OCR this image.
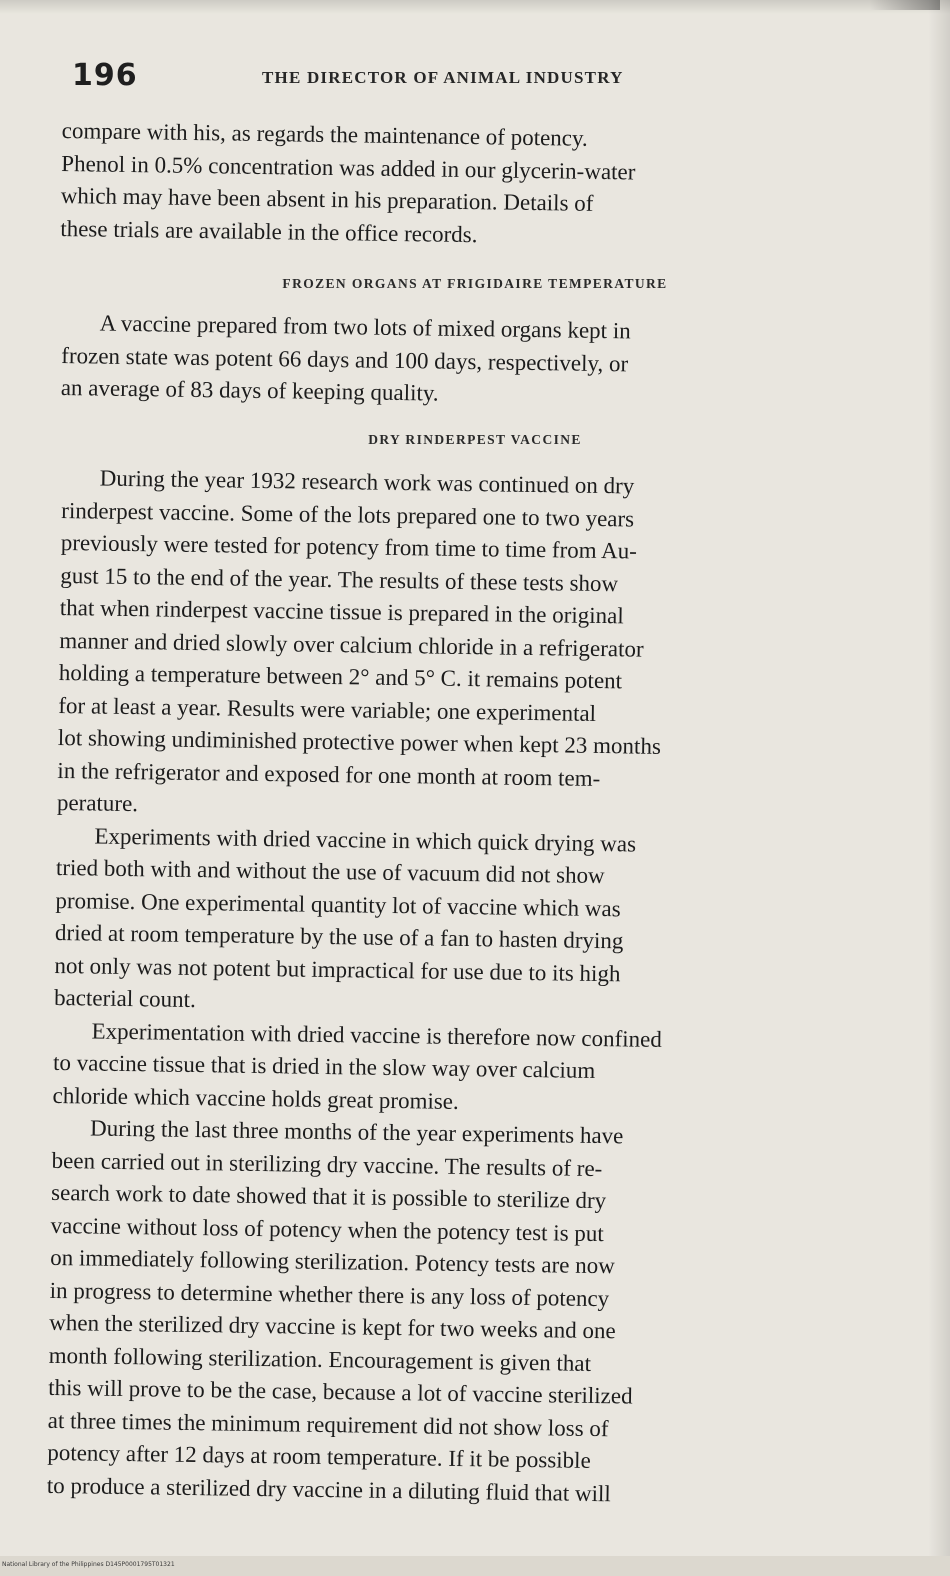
196	THE DIRECTOR OF ANIMAL INDUSTRY
compare with his, as regards the maintenance of potency.
Phenol in 0.5% concentration was added in our glycerin-water
which may have been absent in his preparation. Details of
these trials are available in the office records.
FROZEN ORGANS AT FRIGIDAIRE TEMPERATURE
A vaccine prepared from two lots of mixed organs kept in
frozen state was potent 66 days and 100 days, respectively, or
an average of 83 days of keeping quality.
DRY RINDERPEST VACCINE
During the year 1932 research work was continued on dry
rinderpest vaccine. Some of the lots prepared one to two years
previously were tested for potency from time to time from Au-
gust 15 to the end of the year. The results of these tests show
that when rinderpest vaccine tissue is prepared in the original
manner and dried slowly over calcium chloride in a refrigerator
holding a temperature between 2° and 5° C. it remains potent
for at least a year. Results were variable; one experimental
lot showing undiminished protective power when kept 23 months
in the refrigerator and exposed for one month at room tem-
perature.
Experiments with dried vaccine in which quick drying was
tried both with and without the use of vacuum did not show
promise. One experimental quantity lot of vaccine which was
dried at room temperature by the use of a fan to hasten drying
not only was not potent but impractical for use due to its high
bacterial count.
Experimentation with dried vaccine is therefore now confined
to vaccine tissue that is dried in the slow way over calcium
chloride which vaccine holds great promise.
During the last three months of the year experiments have
been carried out in sterilizing dry vaccine. The results of re-
search work to date showed that it is possible to sterilize dry
vaccine without loss of potency when the potency test is put
on immediately following sterilization. Potency tests are now
in progress to determine whether there is any loss of potency
when the sterilized dry vaccine is kept for two weeks and one
month following sterilization. Encouragement is given that
this will prove to be the case, because a lot of vaccine sterilized
at three times the minimum requirement did not show loss of
potency after 12 days at room temperature. If it be possible
to produce a sterilized dry vaccine in a diluting fluid that will
National Library of the Philippines D145P0001795T01321
